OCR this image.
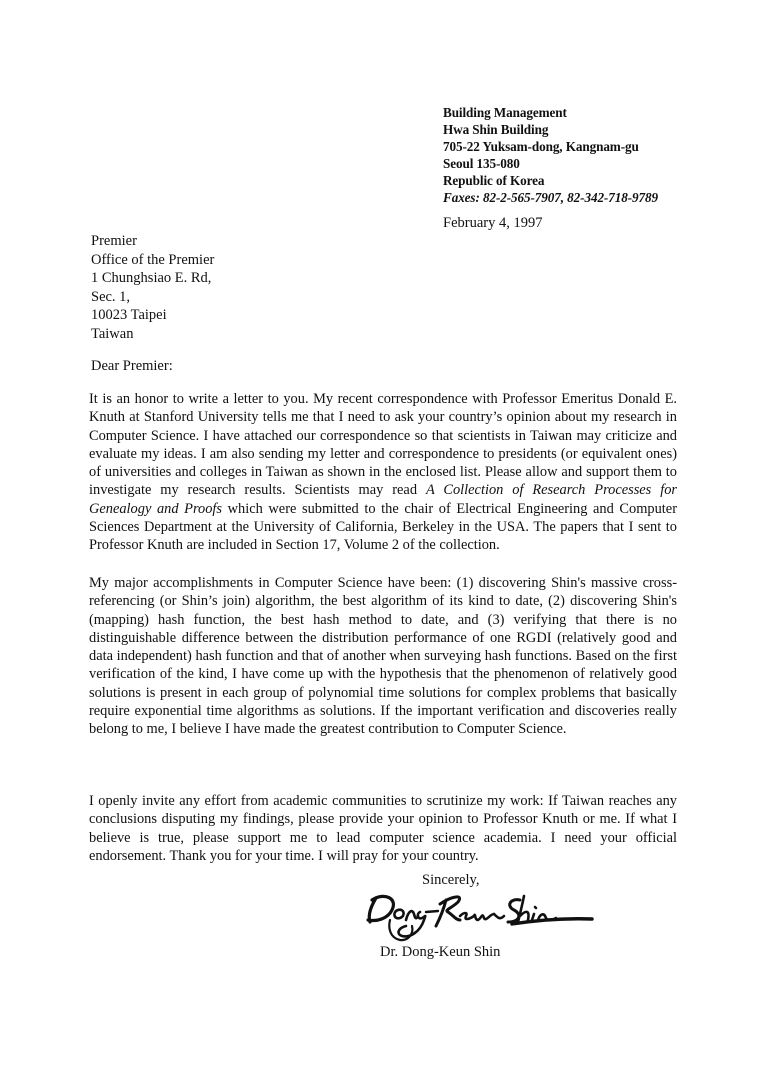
Building Management
Hwa Shin Building
705-22 Yuksam-dong, Kangnam-gu
Seoul 135-080
Republic of Korea
Faxes: 82-2-565-7907, 82-342-718-9789
February 4, 1997
Premier
Office of the Premier
1 Chunghsiao E. Rd,
Sec. 1,
10023 Taipei
Taiwan
Dear Premier:

It is an honor to write a letter to you. My recent correspondence with Professor Emeritus Donald E. Knuth at Stanford University tells me that I need to ask your country’s opinion about my research in Computer Science. I have attached our correspondence so that scientists in Taiwan may criticize and evaluate my ideas. I am also sending my letter and correspondence to presidents (or equivalent ones) of universities and colleges in Taiwan as shown in the enclosed list. Please allow and support them to investigate my research results. Scientists may read A Collection of Research Processes for Genealogy and Proofs which were submitted to the chair of Electrical Engineering and Computer Sciences Department at the University of California, Berkeley in the USA. The papers that I sent to Professor Knuth are included in Section 17, Volume 2 of the collection.

My major accomplishments in Computer Science have been: (1) discovering Shin's massive cross-referencing (or Shin’s join) algorithm, the best algorithm of its kind to date, (2) discovering Shin's (mapping) hash function, the best hash method to date, and (3) verifying that there is no distinguishable difference between the distribution performance of one RGDI (relatively good and data independent) hash function and that of another when surveying hash functions. Based on the first verification of the kind, I have come up with the hypothesis that the phenomenon of relatively good solutions is present in each group of polynomial time solutions for complex problems that basically require exponential time algorithms as solutions. If the important verification and discoveries really belong to me, I believe I have made the greatest contribution to Computer Science.

I openly invite any effort from academic communities to scrutinize my work: If Taiwan reaches any conclusions disputing my findings, please provide your opinion to Professor Knuth or me. If what I believe is true, please support me to lead computer science academia. I need your official endorsement. Thank you for your time. I will pray for your country.

Sincerely,
Dr. Dong-Keun Shin
